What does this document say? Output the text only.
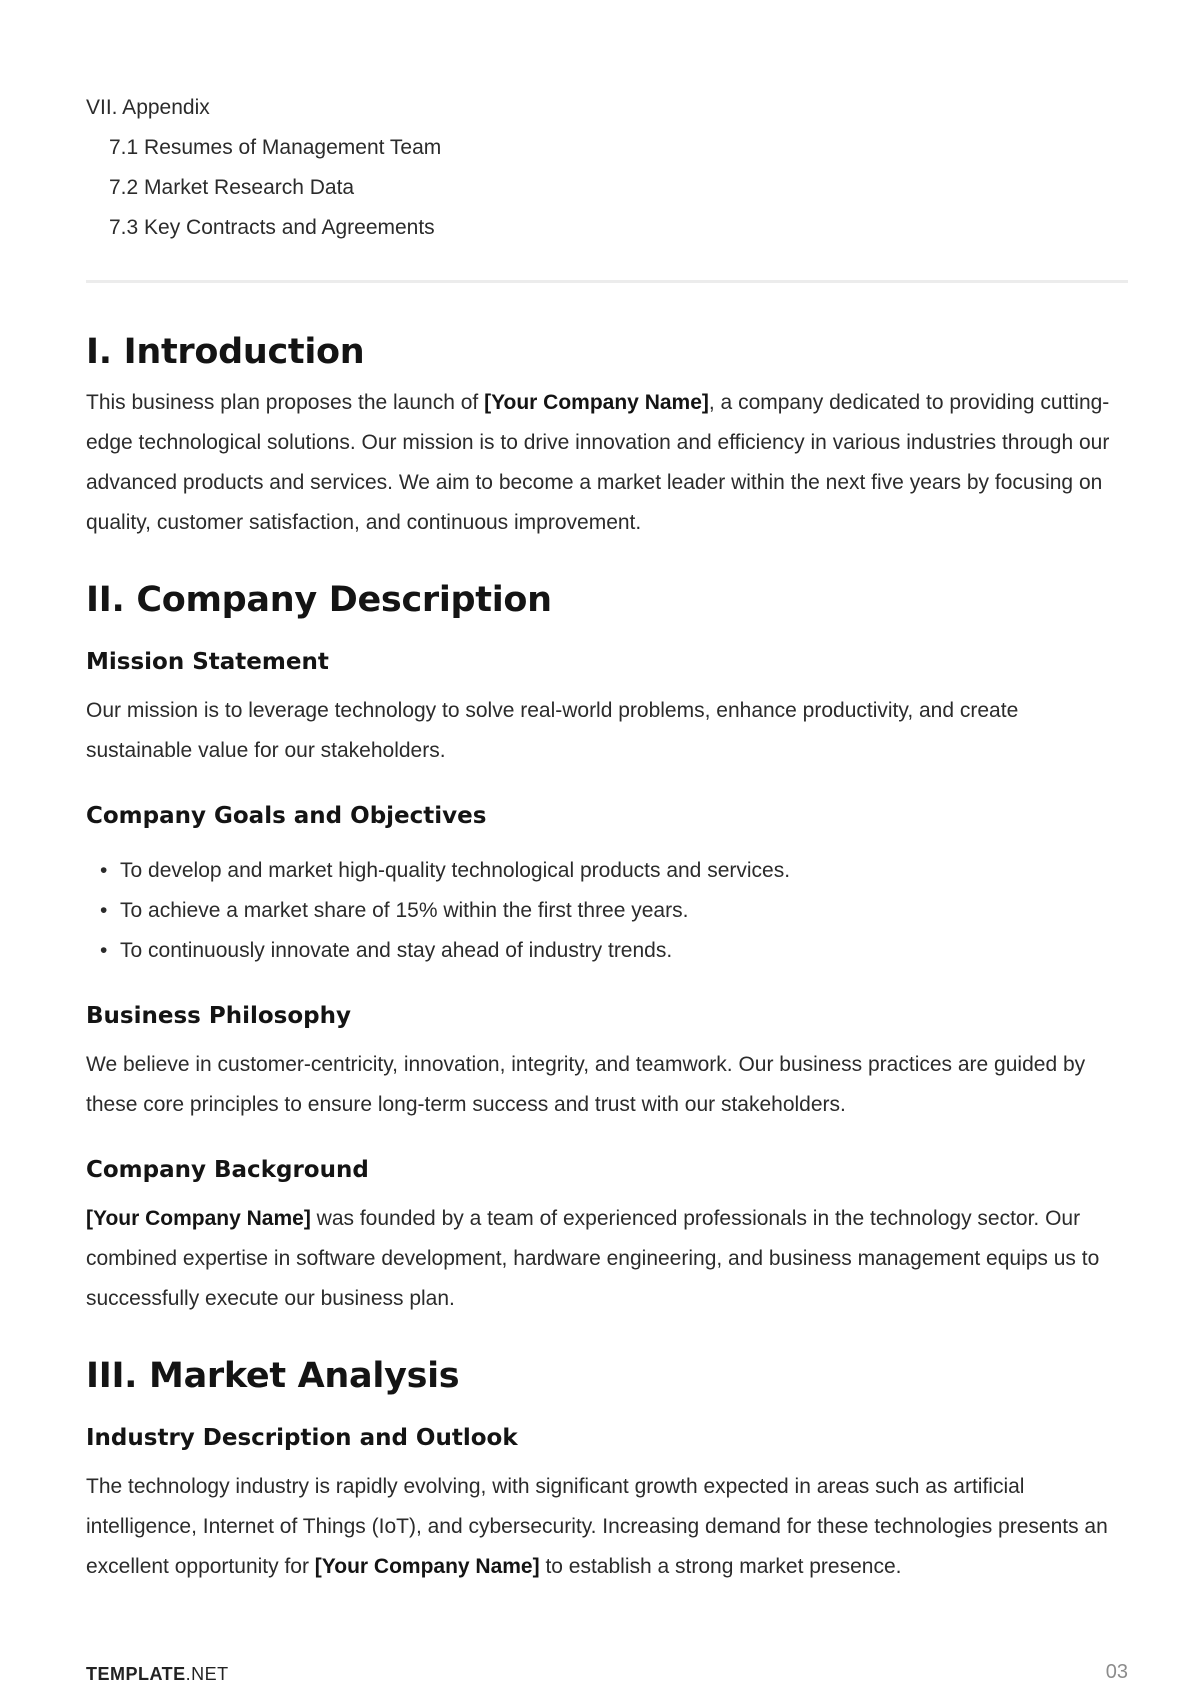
VII. Appendix
7.1 Resumes of Management Team
7.2 Market Research Data
7.3 Key Contracts and Agreements
I. Introduction

This business plan proposes the launch of [Your Company Name], a company dedicated to providing cutting-edge technological solutions. Our mission is to drive innovation and efficiency in various industries through our advanced products and services. We aim to become a market leader within the next five years by focusing on quality, customer satisfaction, and continuous improvement.

II. Company Description
Mission Statement

Our mission is to leverage technology to solve real-world problems, enhance productivity, and create sustainable value for our stakeholders.

Company Goals and Objectives
• To develop and market high-quality technological products and services.
• To achieve a market share of 15% within the first three years.
• To continuously innovate and stay ahead of industry trends.
Business Philosophy

We believe in customer-centricity, innovation, integrity, and teamwork. Our business practices are guided by these core principles to ensure long-term success and trust with our stakeholders.

Company Background

[Your Company Name] was founded by a team of experienced professionals in the technology sector. Our combined expertise in software development, hardware engineering, and business management equips us to successfully execute our business plan.

III. Market Analysis
Industry Description and Outlook

The technology industry is rapidly evolving, with significant growth expected in areas such as artificial intelligence, Internet of Things (IoT), and cybersecurity. Increasing demand for these technologies presents an excellent opportunity for [Your Company Name] to establish a strong market presence.

TEMPLATE.NET	03
